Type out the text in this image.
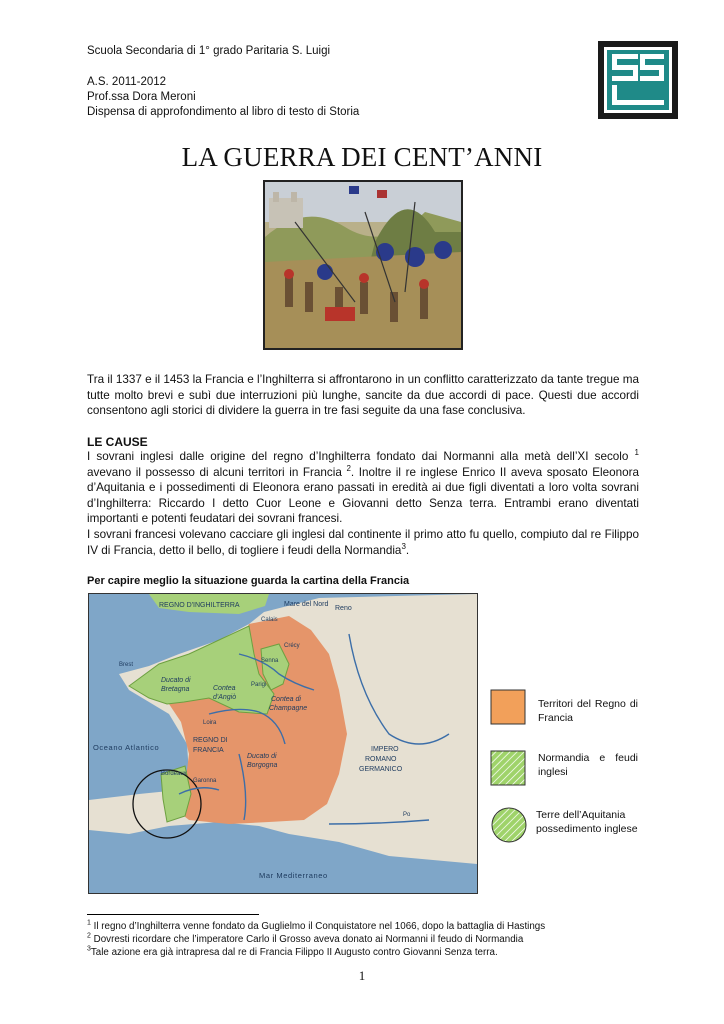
Scuola Secondaria di 1° grado Paritaria S. Luigi
A.S. 2011-2012
Prof.ssa Dora Meroni
Dispensa di approfondimento al libro di testo di Storia
LA GUERRA DEI CENT’ANNI
Tra il 1337 e il 1453 la Francia e l’Inghilterra si affrontarono in un conflitto caratterizzato da tante tregue ma tutte molto brevi e subì due interruzioni più lunghe, sancite da due accordi di pace. Questi due accordi consentono agli storici di dividere la guerra in tre fasi seguite da una fase conclusiva.
LE CAUSE
I sovrani inglesi dalle origine del regno d’Inghilterra fondato dai Normanni alla metà dell’XI secolo $^1$ avevano il possesso di alcuni territori in Francia $^2$. Inoltre il re inglese Enrico II aveva sposato Eleonora d’Aquitania e i possedimenti di Eleonora erano passati in eredità ai due figli diventati a loro volta sovrani d’Inghilterra: Riccardo I detto Cuor Leone e Giovanni detto Senza terra. Entrambi erano diventati importanti e potenti feudatari dei sovrani francesi.
I sovrani francesi volevano cacciare gli inglesi dal continente il primo atto fu quello, compiuto dal re Filippo IV di Francia, detto il bello, di togliere i feudi della Normandia$^3$.
Per capire meglio la situazione guarda la cartina della Francia
REGNO D'INGHILTERRA	Mare del Nord
Reno
Calais
Crécy
Brest
Senna
Ducato di
Bretagna	Contea
d'Angiò
Parigi
Contea di
Champagne
Loira
REGNO DI
FRANCIA
Oceano Atlantico
Ducato di
Borgogna
IMPERO
ROMANO
GERMANICO
Bordeaux
Garonna
Po
Mar Mediterraneo
Territori del Regno di Francia
Normandia e feudi inglesi
Terre dell’Aquitania possedimento inglese
$^1$ Il regno d’Inghilterra venne fondato da Guglielmo il Conquistatore nel 1066, dopo la battaglia di Hastings
$^2$ Dovresti ricordare che l’imperatore Carlo il Grosso aveva donato ai Normanni il feudo di Normandia
$^3$Tale azione era già intrapresa dal re di Francia Filippo II Augusto contro Giovanni Senza terra.
1
